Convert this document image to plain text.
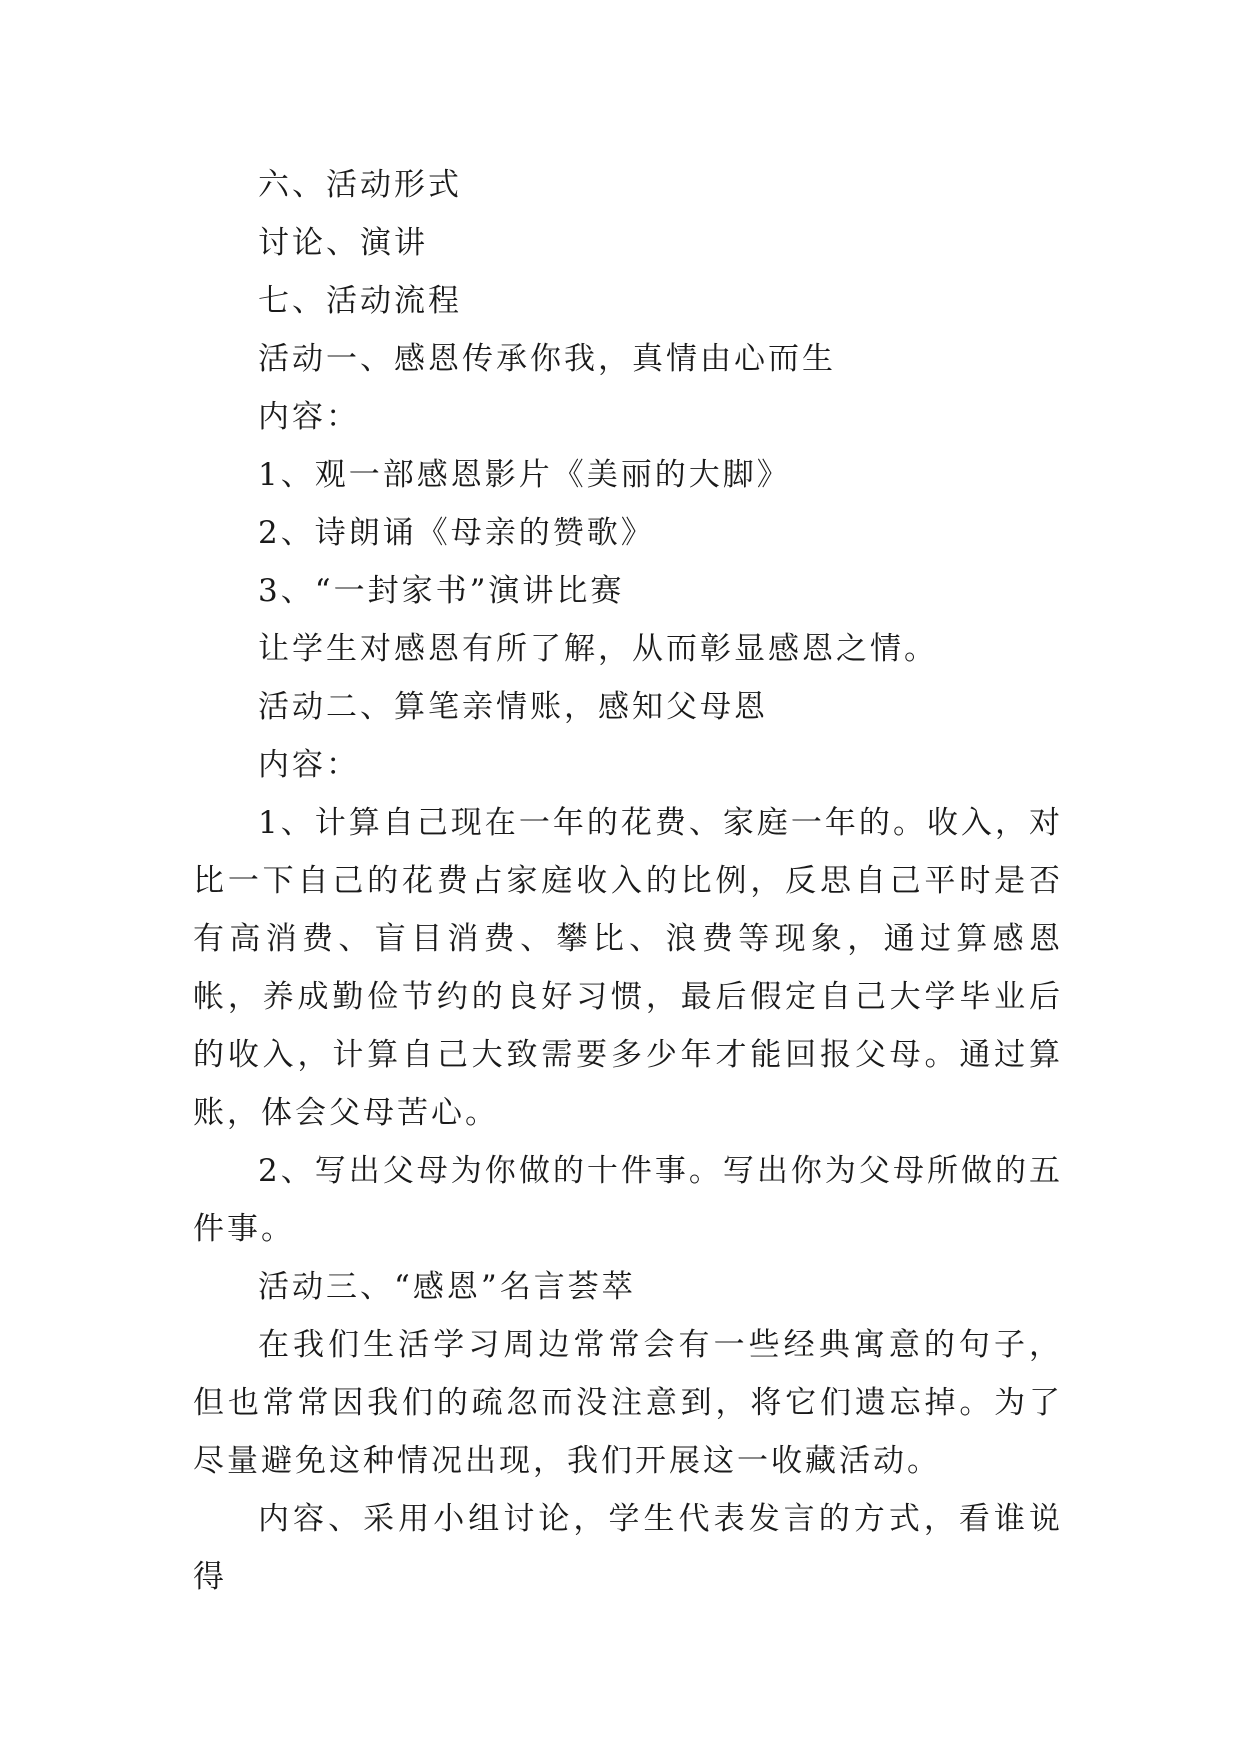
六、活动形式

讨论、演讲

七、活动流程

活动一、感恩传承你我，真情由心而生

内容：

1、观一部感恩影片《美丽的大脚》

2、诗朗诵《母亲的赞歌》

3、“一封家书”演讲比赛

让学生对感恩有所了解，从而彰显感恩之情。

活动二、算笔亲情账，感知父母恩

内容：

1、计算自己现在一年的花费、家庭一年的。收入，对比一下自己的花费占家庭收入的比例，反思自己平时是否有高消费、盲目消费、攀比、浪费等现象，通过算感恩帐，养成勤俭节约的良好习惯，最后假定自己大学毕业后的收入，计算自己大致需要多少年才能回报父母。通过算账，体会父母苦心。

2、写出父母为你做的十件事。写出你为父母所做的五件事。

活动三、“感恩”名言荟萃

在我们生活学习周边常常会有一些经典寓意的句子，但也常常因我们的疏忽而没注意到，将它们遗忘掉。为了尽量避免这种情况出现，我们开展这一收藏活动。

内容、采用小组讨论，学生代表发言的方式，看谁说得
